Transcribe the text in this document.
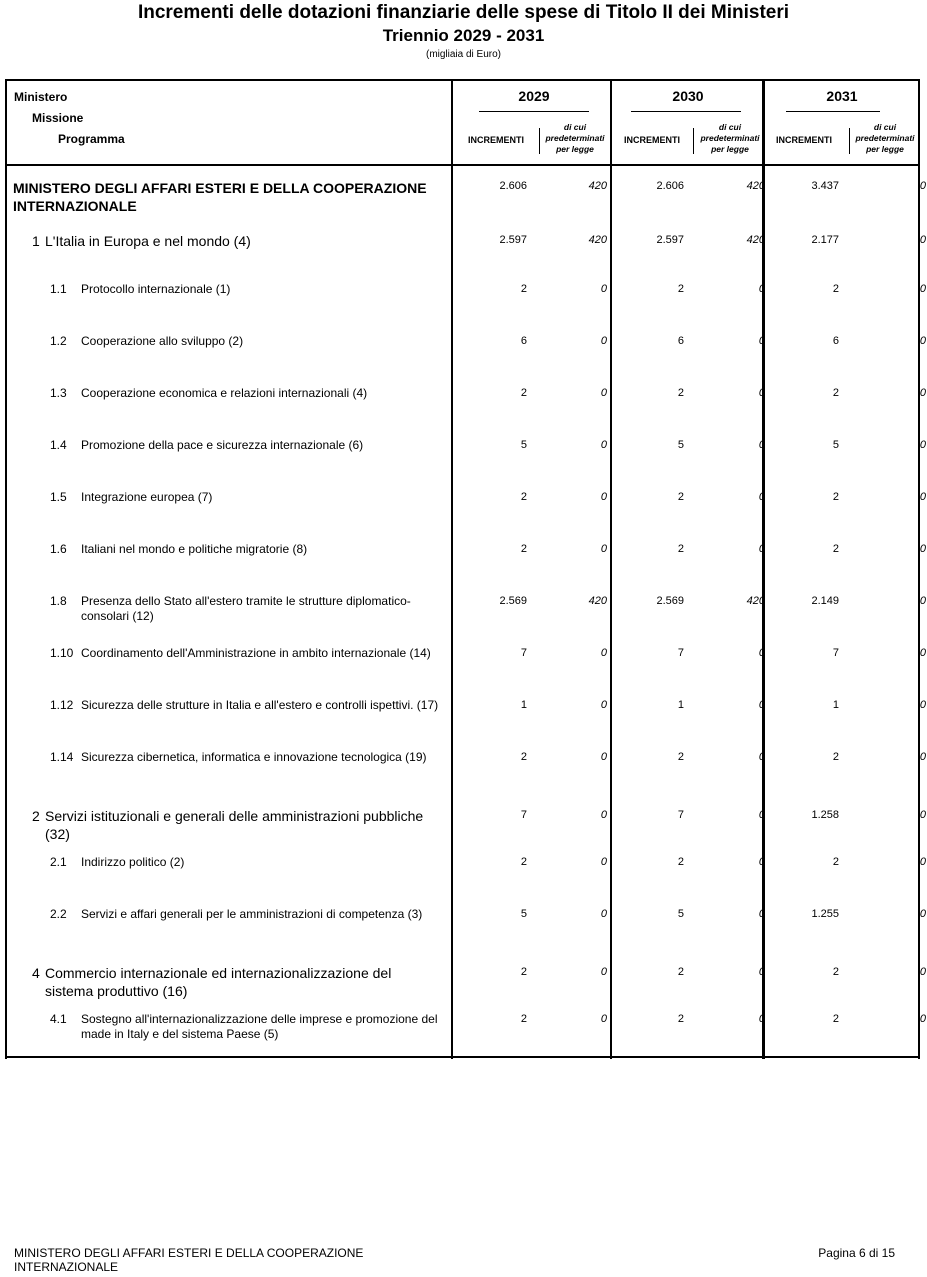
Incrementi delle dotazioni finanziarie delle spese di Titolo II dei Ministeri
Triennio 2029 - 2031
(migliaia di Euro)
Ministero
Missione
Programma
2029	2030	2031
INCREMENTI
di cui
predeterminati
per legge
INCREMENTI
di cui
predeterminati
per legge
INCREMENTI
di cui
predeterminati
per legge
MINISTERO DEGLI AFFARI ESTERI E DELLA COOPERAZIONE INTERNAZIONALE
2.606	420	2.606	420	3.437	0
1 L'Italia in Europa e nel mondo (4)	2.597	420	2.597	420	2.177	0
1.1 Protocollo internazionale (1)	2	0	2	0	2	0
1.2 Cooperazione allo sviluppo (2)	6	0	6	0	6	0
1.3 Cooperazione economica e relazioni internazionali (4)	2	0	2	0	2	0
1.4 Promozione della pace e sicurezza internazionale (6)	5	0	5	0	5	0
1.5 Integrazione europea (7)	2	0	2	0	2	0
1.6 Italiani nel mondo e politiche migratorie (8)	2	0	2	0	2	0
1.8 Presenza dello Stato all'estero tramite le strutture diplomatico-consolari (12)
2.569	420	2.569	420	2.149	0
1.10 Coordinamento dell'Amministrazione in ambito internazionale (14)	7	0	7	0	7	0
1.12 Sicurezza delle strutture in Italia e all'estero e controlli ispettivi. (17)	1	0	1	0	1	0
1.14 Sicurezza cibernetica, informatica e innovazione tecnologica (19)	2	0	2	0	2	0
2 Servizi istituzionali e generali delle amministrazioni pubbliche (32)
7	0	7	0	1.258	0
2.1 Indirizzo politico (2)	2	0	2	0	2	0
2.2 Servizi e affari generali per le amministrazioni di competenza (3)	5	0	5	0	1.255	0
4 Commercio internazionale ed internazionalizzazione del sistema produttivo (16)
2	0	2	0	2	0
4.1 Sostegno all'internazionalizzazione delle imprese e promozione del made in Italy e del sistema Paese (5)
2	0	2	0	2	0
MINISTERO DEGLI AFFARI ESTERI E DELLA COOPERAZIONE INTERNAZIONALE
Pagina 6 di 15
